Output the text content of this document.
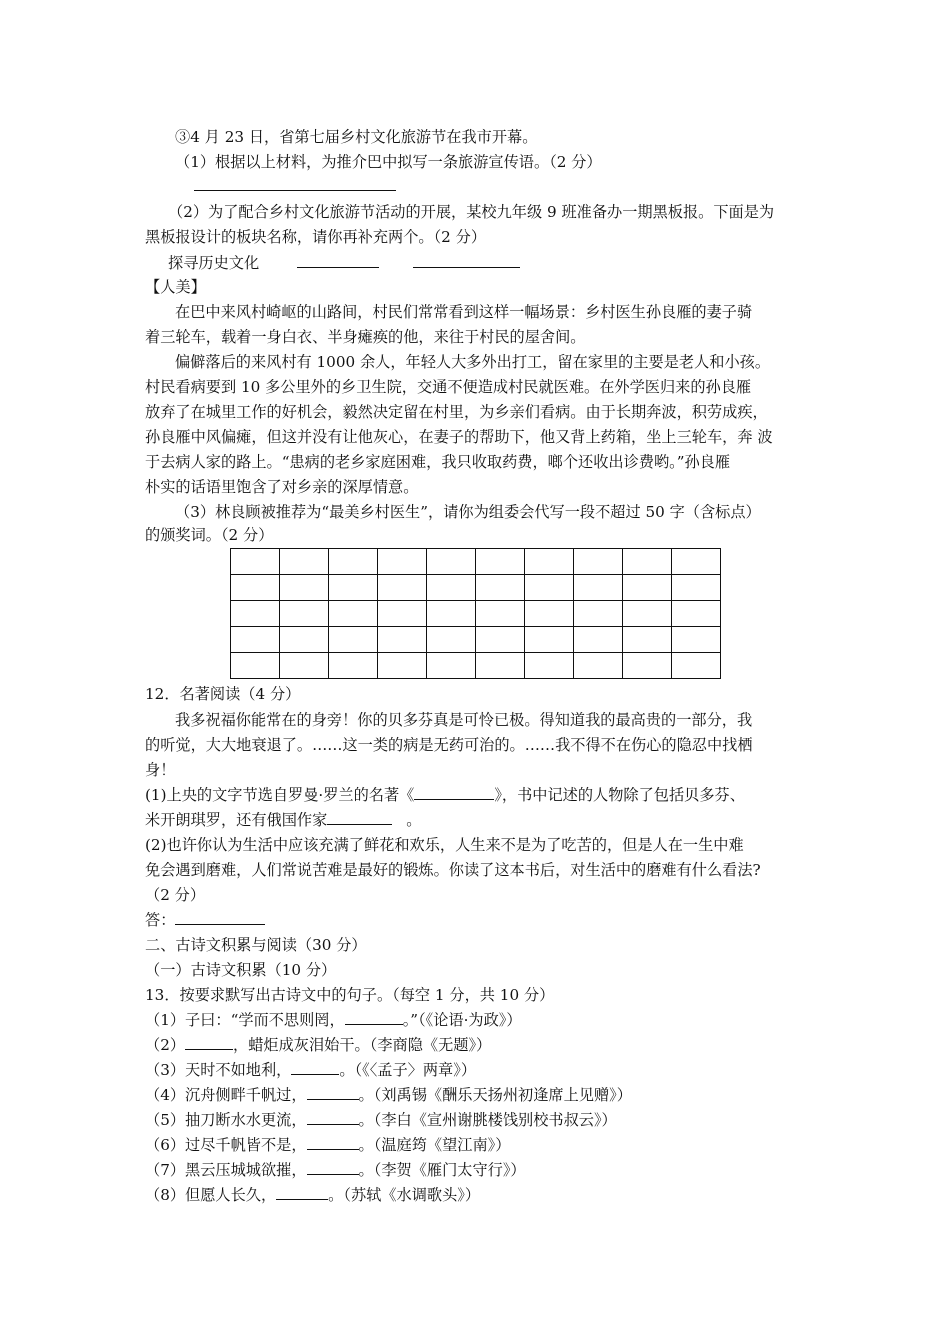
③4 月 23 日，省第七届乡村文化旅游节在我市开幕。
（1）根据以上材料，为推介巴中拟写一条旅游宣传语。（2 分）
（2）为了配合乡村文化旅游节活动的开展，某校九年级 9 班准备办一期黑板报。下面是为
黑板报设计的板块名称，请你再补充两个。（2 分）
探寻历史文化
【人美】
在巴中来风村崎岖的山路间，村民们常常看到这样一幅场景：乡村医生孙良雁的妻子骑
着三轮车，载着一身白衣、半身瘫痪的他，来往于村民的屋舍间。
偏僻落后的来风村有 1000 余人，年轻人大多外出打工，留在家里的主要是老人和小孩。
村民看病要到 10 多公里外的乡卫生院，交通不便造成村民就医难。在外学医归来的孙良雁
放弃了在城里工作的好机会，毅然决定留在村里，为乡亲们看病。由于长期奔波，积劳成疾，
孙良雁中风偏瘫，但这并没有让他灰心，在妻子的帮助下，他又背上药箱，坐上三轮车，奔 波
于去病人家的路上。“患病的老乡家庭困难，我只收取药费，啷个还收出诊费哟。”孙良雁
朴实的话语里饱含了对乡亲的深厚情意。
（3）林良顾被推荐为“最美乡村医生”，请你为组委会代写一段不超过 50 字（含标点）
的颁奖词。（2 分）

12．名著阅读（4 分）
我多祝福你能常在的身旁！你的贝多芬真是可怜已极。得知道我的最高贵的一部分，我
的听觉，大大地衰退了。……这一类的病是无药可治的。……我不得不在伤心的隐忍中找栖
身！
(1)上央的文字节选自罗曼·罗兰的名著《	》，书中记述的人物除了包括贝多芬、
米开朗琪罗，还有俄国作家	。
(2)也许你认为生活中应该充满了鲜花和欢乐，人生来不是为了吃苦的，但是人在一生中难
免会遇到磨难，人们常说苦难是最好的锻炼。你读了这本书后，对生活中的磨难有什么看法?
（2 分）
答：
二、古诗文积累与阅读（30 分）
（一）古诗文积累（10 分）
13．按要求默写出古诗文中的句子。（每空 1 分，共 10 分）
（1）子曰：“学而不思则罔，	。”（《论语·为政》）
（2）	，蜡炬成灰泪始干。（李商隐《无题》）
（3）天时不如地利，	。（《〈孟子〉两章》）
（4）沉舟侧畔千帆过，	。（刘禹锡《酬乐天扬州初逢席上见赠》）
（5）抽刀断水水更流，	。（李白《宣州谢朓楼饯别校书叔云》）
（6）过尽千帆皆不是，	。（温庭筠《望江南》）
（7）黑云压城城欲摧，	。（李贺《雁门太守行》）
（8）但愿人长久，	。（苏轼《水调歌头》）
